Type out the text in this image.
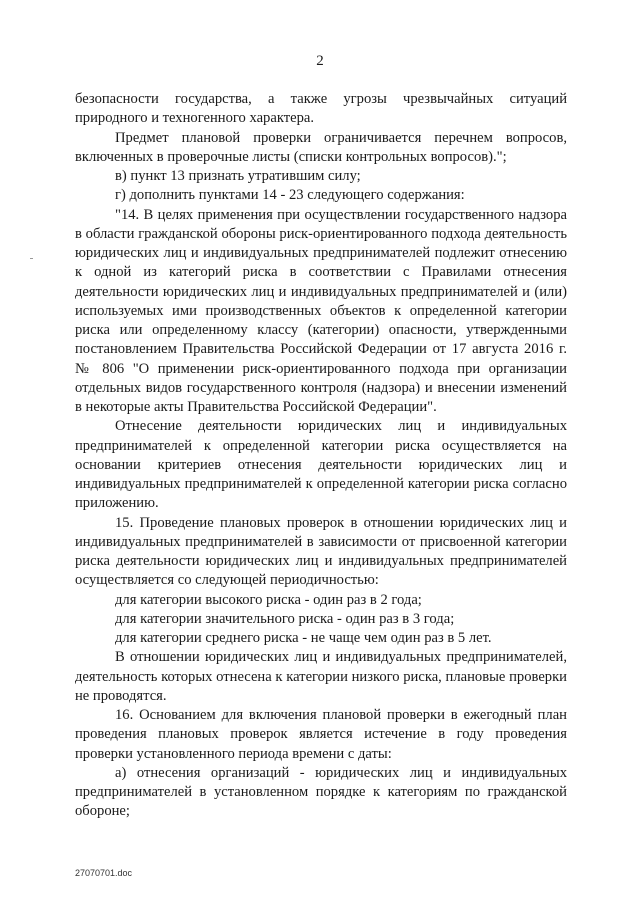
2

безопасности государства, а также угрозы чрезвычайных ситуаций природного и техногенного характера.

Предмет плановой проверки ограничивается перечнем вопросов, включенных в проверочные листы (списки контрольных вопросов).";

в) пункт 13 признать утратившим силу;

г) дополнить пунктами 14 - 23 следующего содержания:

"14. В целях применения при осуществлении государственного надзора в области гражданской обороны риск-ориентированного подхода деятельность юридических лиц и индивидуальных предпринимателей подлежит отнесению к одной из категорий риска в соответствии с Правилами отнесения деятельности юридических лиц и индивидуальных предпринимателей и (или) используемых ими производственных объектов к определенной категории риска или определенному классу (категории) опасности, утвержденными постановлением Правительства Российской Федерации от 17 августа 2016 г. № 806 "О применении риск-ориентированного подхода при организации отдельных видов государственного контроля (надзора) и внесении изменений в некоторые акты Правительства Российской Федерации".

Отнесение деятельности юридических лиц и индивидуальных предпринимателей к определенной категории риска осуществляется на основании критериев отнесения деятельности юридических лиц и индивидуальных предпринимателей к определенной категории риска согласно приложению.

15. Проведение плановых проверок в отношении юридических лиц и индивидуальных предпринимателей в зависимости от присвоенной категории риска деятельности юридических лиц и индивидуальных предпринимателей осуществляется со следующей периодичностью:

для категории высокого риска - один раз в 2 года;

для категории значительного риска - один раз в 3 года;

для категории среднего риска - не чаще чем один раз в 5 лет.

В отношении юридических лиц и индивидуальных предпринимателей, деятельность которых отнесена к категории низкого риска, плановые проверки не проводятся.

16. Основанием для включения плановой проверки в ежегодный план проведения плановых проверок является истечение в году проведения проверки установленного периода времени с даты:

а) отнесения организаций - юридических лиц и индивидуальных предпринимателей в установленном порядке к категориям по гражданской обороне;

27070701.doc
